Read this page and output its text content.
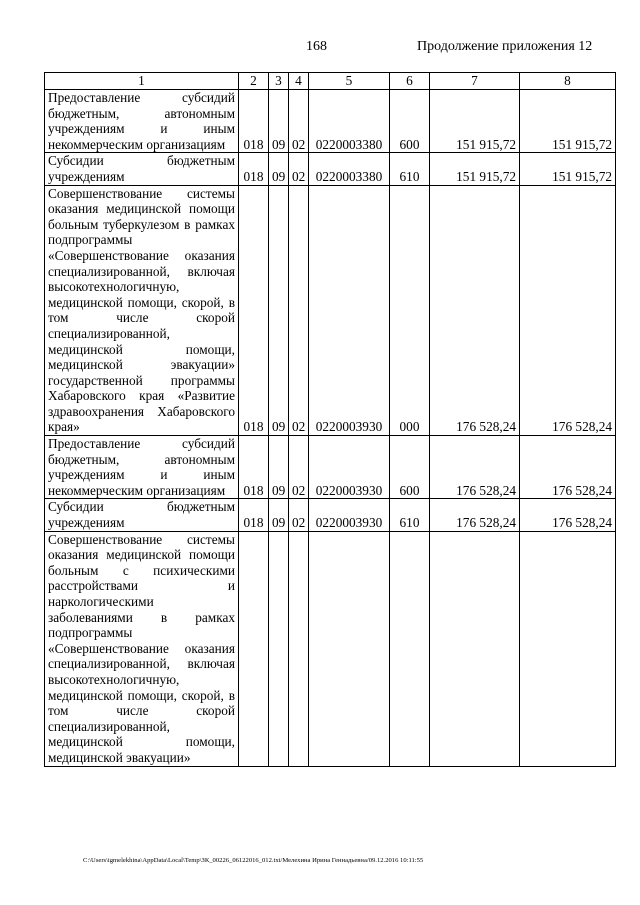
168	Продолжение приложения 12
1	2	3	4	5	6	7	8
Предоставление субсидий бюджетным, автономным учреждениям и иным некоммерческим организациям	018	09	02	0220003380	600	151 915,72	151 915,72
Субсидии бюджетным учреждениям	018	09	02	0220003380	610	151 915,72	151 915,72
Совершенствование системы оказания медицинской помощи больным туберкулезом в рамках подпрограммы «Совершенствование оказания специализированной, включая высокотехнологичную, медицинской помощи, скорой, в том числе скорой специализированной, медицинской помощи, медицинской эвакуации» государственной программы Хабаровского края «Развитие здравоохранения Хабаровского края»	018	09	02	0220003930	000	176 528,24	176 528,24
Предоставление субсидий бюджетным, автономным учреждениям и иным некоммерческим организациям	018	09	02	0220003930	600	176 528,24	176 528,24
Субсидии бюджетным учреждениям	018	09	02	0220003930	610	176 528,24	176 528,24
Совершенствование системы оказания медицинской помощи больным с психическими расстройствами и наркологическими заболеваниями в рамках подпрограммы «Совершенствование оказания специализированной, включая высокотехнологичную, медицинской помощи, скорой, в том числе скорой специализированной, медицинской помощи, медицинской эвакуации»							
C:\Users\igmelekhina\AppData\Local\Temp\ЗК_00226_06122016_012.txt/Мелехина Ирина Геннадьевна/09.12.2016 10:11:55
